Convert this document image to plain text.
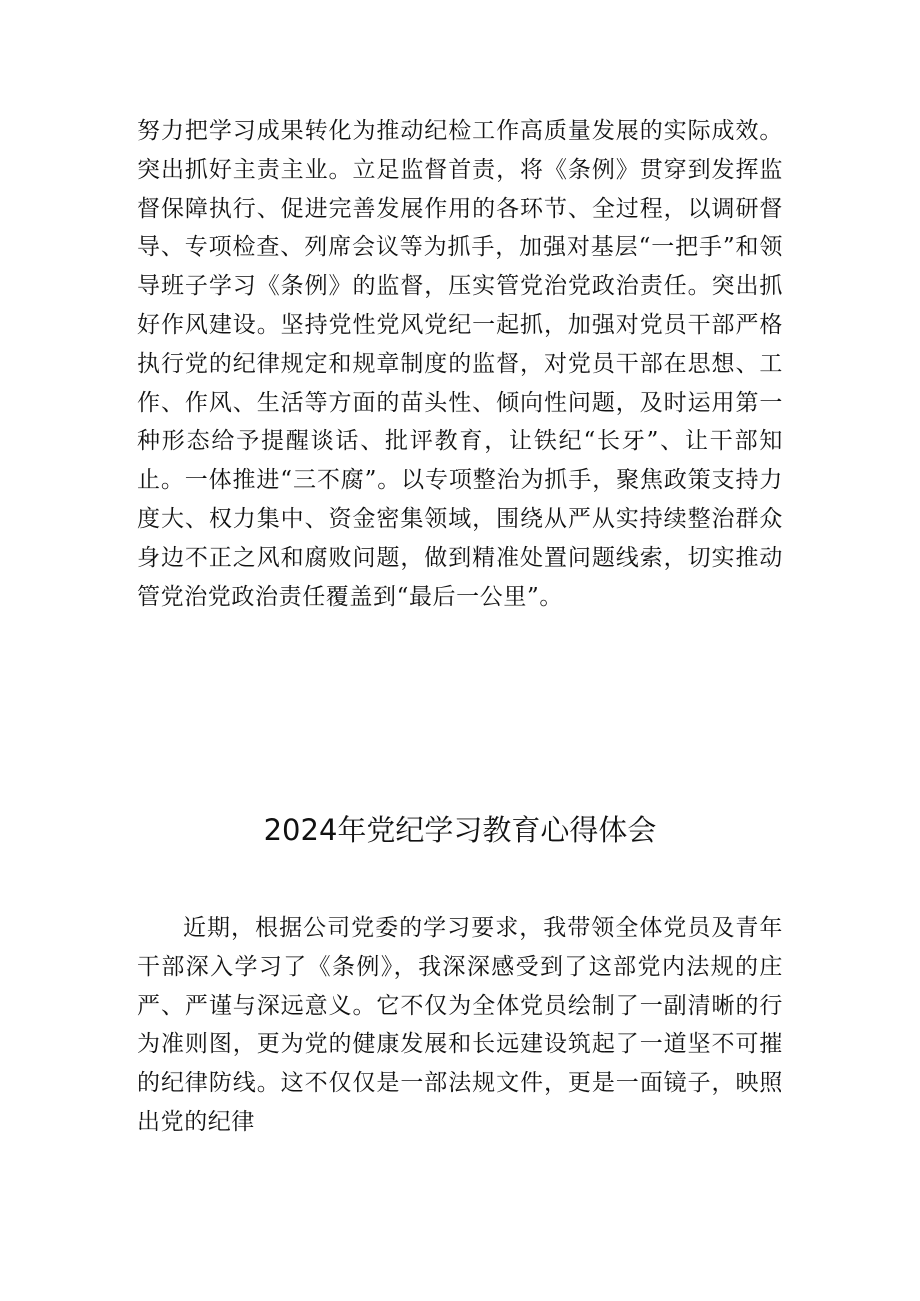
努力把学习成果转化为推动纪检工作高质量发展的实际成效。突出抓好主责主业。立足监督首责，将《条例》贯穿到发挥监督保障执行、促进完善发展作用的各环节、全过程，以调研督导、专项检查、列席会议等为抓手，加强对基层“一把手”和领导班子学习《条例》的监督，压实管党治党政治责任。突出抓好作风建设。坚持党性党风党纪一起抓，加强对党员干部严格执行党的纪律规定和规章制度的监督，对党员干部在思想、工作、作风、生活等方面的苗头性、倾向性问题，及时运用第一种形态给予提醒谈话、批评教育，让铁纪“长牙”、让干部知止。一体推进“三不腐”。以专项整治为抓手，聚焦政策支持力度大、权力集中、资金密集领域，围绕从严从实持续整治群众身边不正之风和腐败问题，做到精准处置问题线索，切实推动管党治党政治责任覆盖到“最后一公里”。

2024年党纪学习教育心得体会

近期，根据公司党委的学习要求，我带领全体党员及青年干部深入学习了《条例》，我深深感受到了这部党内法规的庄严、严谨与深远意义。它不仅为全体党员绘制了一副清晰的行为准则图，更为党的健康发展和长远建设筑起了一道坚不可摧的纪律防线。这不仅仅是一部法规文件，更是一面镜子，映照出党的纪律
